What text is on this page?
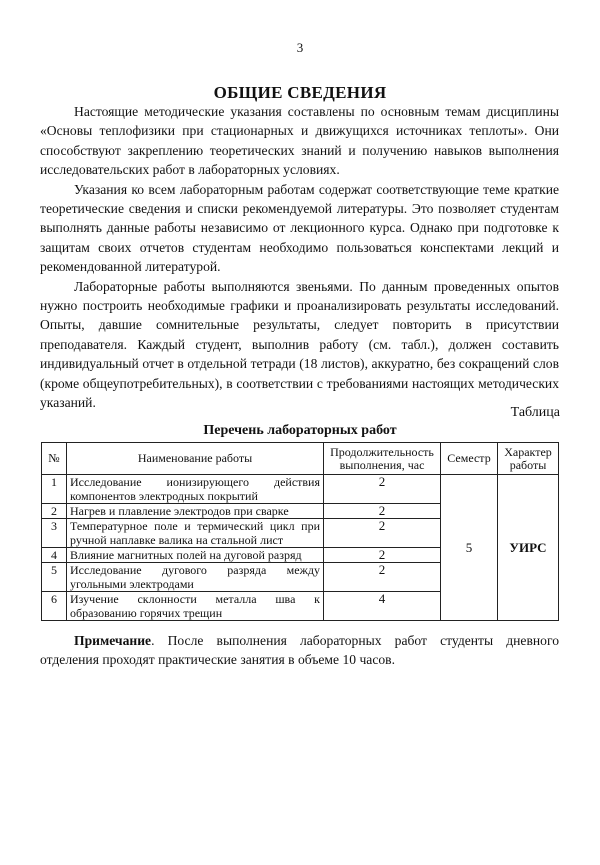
3
ОБЩИЕ СВЕДЕНИЯ

Настоящие методические указания составлены по основным темам дисциплины «Основы теплофизики при стационарных и движущихся источниках теплоты». Они способствуют закреплению теоретических знаний и получению навыков выполнения исследовательских работ в лабораторных условиях.

Указания ко всем лабораторным работам содержат соответствующие теме краткие теоретические сведения и списки рекомендуемой литературы. Это позволяет студентам выполнять данные работы независимо от лекционного курса. Однако при подготовке к защитам своих отчетов студентам необходимо пользоваться конспектами лекций и рекомендованной литературой.

Лабораторные работы выполняются звеньями. По данным проведенных опытов нужно построить необходимые графики и проанализировать результаты исследований. Опыты, давшие сомнительные результаты, следует повторить в присутствии преподавателя. Каждый студент, выполнив работу (см. табл.), должен составить индивидуальный отчет в отдельной тетради (18 листов), аккуратно, без сокращений слов (кроме общеупотребительных), в соответствии с требованиями настоящих методических указаний.

Таблица
Перечень лабораторных работ
№	Наименование работы	Продолжительность выполнения, час	Семестр	Характер работы
1	Исследование ионизирующего действия компонентов электродных покрытий	2	5	УИРС
2	Нагрев и плавление электродов при сварке	2		
3	Температурное поле и термический цикл при ручной наплавке валика на стальной лист	2		
4	Влияние магнитных полей на дуговой разряд	2		
5	Исследование дугового разряда между угольными электродами	2		
6	Изучение склонности металла шва к образованию горячих трещин	4		

Примечание. После выполнения лабораторных работ студенты дневного отделения проходят практические занятия в объеме 10 часов.
